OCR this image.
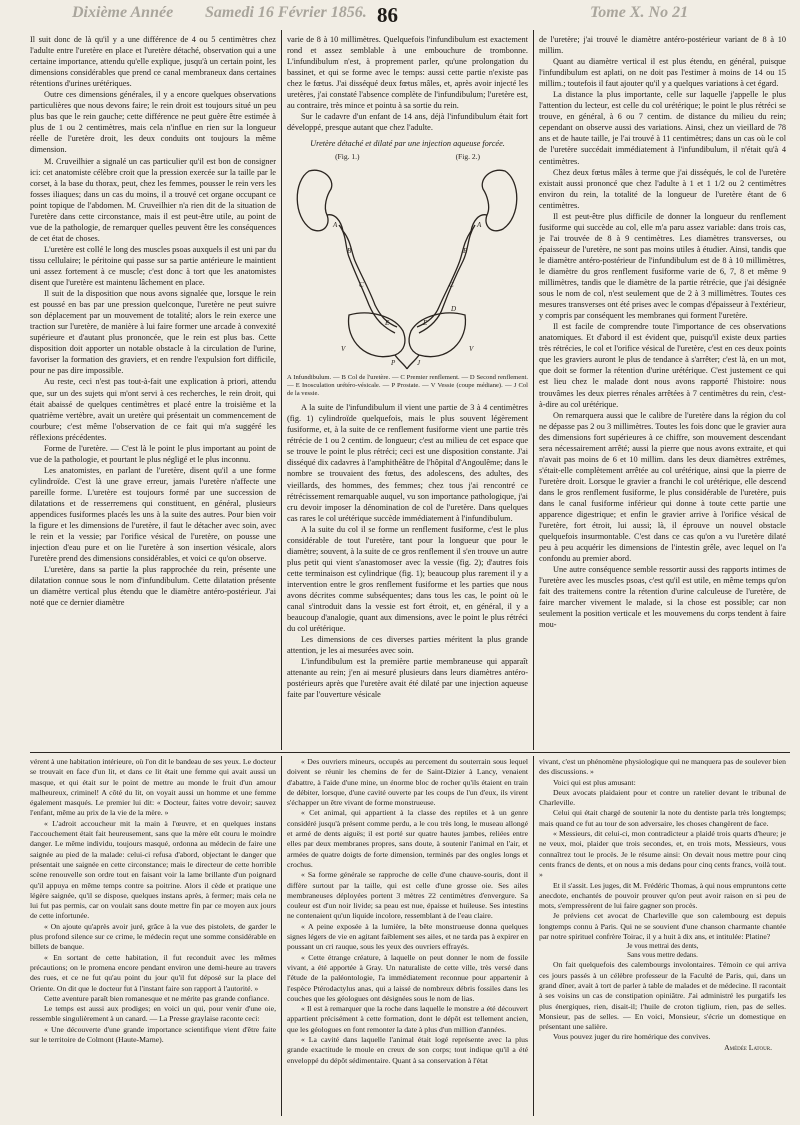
Dixième Année Samedi 16 Février 1856. 86	Tome X. No 21

Il suit donc de là qu'il y a une différence de 4 ou 5 centimètres chez l'adulte entre l'uretère en place et l'uretère détaché, observation qui a une certaine importance, attendu qu'elle explique, jusqu'à un certain point, les dimensions considérables que prend ce canal membraneux dans certaines rétentions d'urines urétériques.

Outre ces dimensions générales, il y a encore quelques observations particulières que nous devons faire; le rein droit est toujours situé un peu plus bas que le rein gauche; cette différence ne peut guère être estimée à plus de 1 ou 2 centimètres, mais cela n'influe en rien sur la longueur réelle de l'uretère droit, les deux conduits ont toujours la même dimension.

M. Cruveilhier a signalé un cas particulier qu'il est bon de consigner ici: cet anatomiste célèbre croit que la pression exercée sur la taille par le corset, à la base du thorax, peut, chez les femmes, pousser le rein vers les fosses iliaques; dans un cas du moins, il a trouvé cet organe occupant ce point topique de l'abdomen. M. Cruveilhier n'a rien dit de la situation de l'uretère dans cette circonstance, mais il est peut-être utile, au point de vue de la pathologie, de remarquer quelles peuvent être les conséquences de cet état de choses.

L'uretère est collé le long des muscles psoas auxquels il est uni par du tissu cellulaire; le péritoine qui passe sur sa partie antérieure le maintient uni assez fortement à ce muscle; c'est donc à tort que les anatomistes disent que l'uretère est maintenu lâchement en place.

Il suit de la disposition que nous avons signalée que, lorsque le rein est poussé en bas par une pression quelconque, l'uretère ne peut suivre son déplacement par un mouvement de totalité; alors le rein exerce une traction sur l'uretère, de manière à lui faire former une arcade à convexité supérieure et d'autant plus prononcée, que le rein est plus bas. Cette disposition doit apporter un notable obstacle à la circulation de l'urine, favoriser la formation des graviers, et en rendre l'expulsion fort difficile, pour ne pas dire impossible.

Au reste, ceci n'est pas tout-à-fait une explication à priori, attendu que, sur un des sujets qui m'ont servi à ces recherches, le rein droit, qui était abaissé de quelques centimètres et placé entre la troisième et la quatrième vertèbre, avait un uretère qui présentait un commencement de courbure; c'est même l'observation de ce fait qui m'a suggéré les réflexions précédentes.

Forme de l'uretère. — C'est là le point le plus important au point de vue de la pathologie, et pourtant le plus négligé et le plus inconnu.

Les anatomistes, en parlant de l'uretère, disent qu'il a une forme cylindroïde. C'est là une grave erreur, jamais l'uretère n'affecte une pareille forme. L'uretère est toujours formé par une succession de dilatations et de resserremens qui constituent, en général, plusieurs appendices fusiformes placés les uns à la suite des autres. Pour bien voir la figure et les dimensions de l'uretère, il faut le détacher avec soin, avec le rein et la vessie; par l'orifice vésical de l'uretère, on pousse une injection d'eau pure et on lie l'uretère à son insertion vésicale, alors l'uretère prend des dimensions considérables, et voici ce qu'on observe.

L'uretère, dans sa partie la plus rapprochée du rein, présente une dilatation connue sous le nom d'infundibulum. Cette dilatation présente un diamètre vertical plus étendu que le diamètre antéro-postérieur. J'ai noté que ce dernier diamètre

varie de 8 à 10 millimètres. Quelquefois l'infundibulum est exactement rond et assez semblable à une embouchure de trombonne. L'infundibulum n'est, à proprement parler, qu'une prolongation du bassinet, et qui se forme avec le temps: aussi cette partie n'existe pas chez le fœtus. J'ai disséqué deux fœtus mâles, et, après avoir injecté les uretères, j'ai constaté l'absence complète de l'infundibulum; l'uretère est, au contraire, très mince et pointu à sa sortie du rein.

Sur le cadavre d'un enfant de 14 ans, déjà l'infundibulum était fort développé, presque autant que chez l'adulte.

Uretère détaché et dilaté par une injection aqueuse forcée.
(Fig. 1.)	(Fig. 2.)
A	A
B	B
C	C
D
E	E
V	V
P	J
A Infundibulum. — B Col de l'uretère. — C Premier renflement. — D Second renflement. — E Inosculation urétéro-vésicale. — P Prostate. — V Vessie (coupe médiane). — J Col de la vessie.

A la suite de l'infundibulum il vient une partie de 3 à 4 centimètres (fig. 1) cylindroïde quelquefois, mais le plus souvent légèrement fusiforme, et, à la suite de ce renflement fusiforme vient une partie très rétrécie de 1 ou 2 centim. de longueur; c'est au milieu de cet espace que se trouve le point le plus rétréci; ceci est une disposition constante. J'ai disséqué dix cadavres à l'amphithéâtre de l'hôpital d'Angoulême; dans le nombre se trouvaient des fœtus, des adolescens, des adultes, des vieillards, des hommes, des femmes; chez tous j'ai rencontré ce rétrécissement remarquable auquel, vu son importance pathologique, j'ai cru devoir imposer la dénomination de col de l'uretère. Dans quelques cas rares le col urétérique succède immédiatement à l'infundibulum.

A la suite du col il se forme un renflement fusiforme, c'est le plus considérable de tout l'uretère, tant pour la longueur que pour le diamètre; souvent, à la suite de ce gros renflement il s'en trouve un autre plus petit qui vient s'anastomoser avec la vessie (fig. 2); d'autres fois cette terminaison est cylindrique (fig. 1); beaucoup plus rarement il y a intervention entre le gros renflement fusiforme et les parties que nous avons décrites comme subséquentes; dans tous les cas, le point où le canal s'introduit dans la vessie est fort étroit, et, en général, il y a beaucoup d'analogie, quant aux dimensions, avec le point le plus rétréci du col urétérique.

Les dimensions de ces diverses parties méritent la plus grande attention, je les ai mesurées avec soin.

L'infundibulum est la première partie membraneuse qui apparaît attenante au rein; j'en ai mesuré plusieurs dans leurs diamètres antéro-postérieurs après que l'uretère avait été dilaté par une injection aqueuse faite par l'ouverture vésicale

de l'uretère; j'ai trouvé le diamètre antéro-postérieur variant de 8 à 10 millim.

Quant au diamètre vertical il est plus étendu, en général, puisque l'infundibulum est aplati, on ne doit pas l'estimer à moins de 14 ou 15 millim.; toutefois il faut ajouter qu'il y a quelques variations à cet égard.

La distance la plus importante, celle sur laquelle j'appelle le plus l'attention du lecteur, est celle du col urétérique; le point le plus rétréci se trouve, en général, à 6 ou 7 centim. de distance du milieu du rein; cependant on observe aussi des variations. Ainsi, chez un vieillard de 78 ans et de haute taille, je l'ai trouvé à 11 centimètres; dans un cas où le col de l'uretère succédait immédiatement à l'infundibulum, il n'était qu'à 4 centimètres.

Chez deux fœtus mâles à terme que j'ai disséqués, le col de l'uretère existait aussi prononcé que chez l'adulte à 1 et 1 1/2 ou 2 centimètres environ du rein, la totalité de la longueur de l'uretère étant de 6 centimètres.

Il est peut-être plus difficile de donner la longueur du renflement fusiforme qui succède au col, elle m'a paru assez variable: dans trois cas, je l'ai trouvée de 8 à 9 centimètres. Les diamètres transverses, ou épaisseur de l'uretère, ne sont pas moins utiles à étudier. Ainsi, tandis que le diamètre antéro-postérieur de l'infundibulum est de 8 à 10 millimètres, le diamètre du gros renflement fusiforme varie de 6, 7, 8 et même 9 millimètres, tandis que le diamètre de la partie rétrécie, que j'ai désignée sous le nom de col, n'est seulement que de 2 à 3 millimètres. Toutes ces mesures transverses ont été prises avec le compas d'épaisseur à l'extérieur, y compris par conséquent les membranes qui forment l'uretère.

Il est facile de comprendre toute l'importance de ces observations anatomiques. Et d'abord il est évident que, puisqu'il existe deux parties très rétrécies, le col et l'orifice vésical de l'uretère, c'est en ces deux points que les graviers auront le plus de tendance à s'arrêter; c'est là, en un mot, que doit se former la rétention d'urine urétérique. C'est justement ce qui est lieu chez le malade dont nous avons rapporté l'histoire: nous trouvâmes les deux pierres rénales arrêtées à 7 centimètres du rein, c'est-à-dire au col urétérique.

On remarquera aussi que le calibre de l'uretère dans la région du col ne dépasse pas 2 ou 3 millimètres. Toutes les fois donc que le gravier aura des dimensions fort supérieures à ce chiffre, son mouvement descendant sera nécessairement arrêté; aussi la pierre que nous avons extraite, et qui n'avait pas moins de 6 et 10 millim. dans les deux diamètres extrêmes, s'était-elle complètement arrêtée au col urétérique, ainsi que la pierre de l'uretère droit. Lorsque le gravier a franchi le col urétérique, elle descend dans le gros renflement fusiforme, le plus considérable de l'uretère, puis dans le canal fusiforme inférieur qui donne à toute cette partie une apparence digestrique; et enfin le gravier arrive à l'orifice vésical de l'uretère, fort étroit, lui aussi; là, il éprouve un nouvel obstacle quelquefois insurmontable. C'est dans ce cas qu'on a vu l'uretère dilaté peu à peu acquérir les dimensions de l'intestin grêle, avec lequel on l'a confondu au premier abord.

Une autre conséquence semble ressortir aussi des rapports intimes de l'uretère avec les muscles psoas, c'est qu'il est utile, en même temps qu'on fait des traitemens contre la rétention d'urine calculeuse de l'uretère, de faire marcher vivement le malade, si la chose est possible; car non seulement la position verticale et les mouvemens du corps tendent à faire mou-

vérent à une habitation intérieure, où l'on dit le bandeau de ses yeux. Le docteur se trouvait en face d'un lit, et dans ce lit était une femme qui avait aussi un masque, et qui était sur le point de mettre au monde le fruit d'un amour malheureux, criminel! A côté du lit, on voyait aussi un homme et une femme également masqués. Le premier lui dit: « Docteur, faites votre devoir; sauvez l'enfant, même au prix de la vie de la mère. »

« L'adroit accoucheur mit la main à l'œuvre, et en quelques instans l'accouchement était fait heureusement, sans que la mère eût couru le moindre danger. Le même individu, toujours masqué, ordonna au médecin de faire une saignée au pied de la malade: celui-ci refusa d'abord, objectant le danger que présentait une saignée en cette circonstance; mais le directeur de cette horrible scène renouvelle son ordre tout en faisant voir la lame brillante d'un poignard qu'il appuya en même temps contre sa poitrine. Alors il cède et pratique une légère saignée, qu'il se dispose, quelques instans après, à fermer; mais cela ne lui fut pas permis, car on voulait sans doute mettre fin par ce moyen aux jours de cette infortunée.

« On ajoute qu'après avoir juré, grâce à la vue des pistolets, de garder le plus profond silence sur ce crime, le médecin reçut une somme considérable en billets de banque.

« En sortant de cette habitation, il fut reconduit avec les mêmes précautions; on le promena encore pendant environ une demi-heure au travers des rues, et ce ne fut qu'au point du jour qu'il fut déposé sur la place del Oriente. On dit que le docteur fut à l'instant faire son rapport à l'autorité. »

Cette aventure paraît bien romanesque et ne mérite pas grande confiance.

Le temps est aussi aux prodiges; en voici un qui, pour venir d'une oie, ressemble singulièrement à un canard. — La Presse graylaise raconte ceci:

« Une découverte d'une grande importance scientifique vient d'être faite sur le territoire de Colmont (Haute-Marne).

« Des ouvriers mineurs, occupés au percement du souterrain sous lequel doivent se réunir les chemins de fer de Saint-Dizier à Lancy, venaient d'abattre, à l'aide d'une mine, un énorme bloc de rocher qu'ils étaient en train de débiter, lorsque, d'une cavité ouverte par les coups de l'un d'eux, ils virent s'échapper un être vivant de forme monstrueuse.

« Cet animal, qui appartient à la classe des reptiles et à un genre considéré jusqu'à présent comme perdu, a le cou très long, le museau allongé et armé de dents aiguës; il est porté sur quatre hautes jambes, reliées entre elles par deux membranes propres, sans doute, à soutenir l'animal en l'air, et armées de quatre doigts de forte dimension, terminés par des ongles longs et crochus.

« Sa forme générale se rapproche de celle d'une chauve-souris, dont il diffère surtout par la taille, qui est celle d'une grosse oie. Ses ailes membraneuses déployées portent 3 mètres 22 centimètres d'envergure. Sa couleur est d'un noir livide; sa peau est nue, épaisse et huileuse. Ses intestins ne contenaient qu'un liquide incolore, ressemblant à de l'eau claire.

« A peine exposée à la lumière, la bête monstrueuse donna quelques signes légers de vie en agitant faiblement ses ailes, et ne tarda pas à expirer en poussant un cri rauque, sous les yeux des ouvriers effrayés.

« Cette étrange créature, à laquelle on peut donner le nom de fossile vivant, a été apportée à Gray. Un naturaliste de cette ville, très versé dans l'étude de la paléontologie, l'a immédiatement reconnue pour appartenir à l'espèce Ptérodactylus anas, qui a laissé de nombreux débris fossiles dans les couches que les géologues ont désignées sous le nom de lias.

« Il est à remarquer que la roche dans laquelle le monstre a été découvert appartient précisément à cette formation, dont le dépôt est tellement ancien, que les géologues en font remonter la date à plus d'un million d'années.

« La cavité dans laquelle l'animal était logé représente avec la plus grande exactitude le moule en creux de son corps; tout indique qu'il a été enveloppé du dépôt sédimentaire. Quant à sa conservation à l'état

vivant, c'est un phénomène physiologique qui ne manquera pas de soulever bien des discussions. »

Voici qui est plus amusant:

Deux avocats plaidaient pour et contre un ratelier devant le tribunal de Charleville.

Celui qui était chargé de soutenir la note du dentiste parla très longtemps; mais quand ce fut au tour de son adversaire, les choses changèrent de face.

« Messieurs, dit celui-ci, mon contradicteur a plaidé trois quarts d'heure; je ne veux, moi, plaider que trois secondes, et, en trois mots, Messieurs, vous connaîtrez tout le procès. Je le résume ainsi: On devait nous mettre pour cinq cents francs de dents, et on nous a mis dedans pour cinq cents francs, voilà tout. »

Et il s'assit. Les juges, dit M. Frédéric Thomas, à qui nous empruntons cette anecdote, enchantés de pouvoir prouver qu'on peut avoir raison en si peu de mots, s'empressèrent de lui faire gagner son procès.

Je préviens cet avocat de Charleville que son calembourg est depuis longtemps connu à Paris. Qui ne se souvient d'une chanson charmante chantée par notre spirituel confrère Toirac, il y a huit à dix ans, et intitulée: Platine?

Je vous mettrai des dents,
Sans vous mettre dedans.

On fait quelquefois des calembourgs involontaires. Témoin ce qui arriva ces jours passés à un célèbre professeur de la Faculté de Paris, qui, dans un grand dîner, avait à tort de parler à table de malades et de médecine. Il racontait à ses voisins un cas de constipation opiniâtre. J'ai administré les purgatifs les plus énergiques, rien, disait-il; l'huile de croton tiglium, rien, pas de selles. Monsieur, pas de selles. — En voici, Monsieur, s'écrie un domestique en présentant une salière.

Vous pouvez juger du rire homérique des convives.

Amédée Latour.
